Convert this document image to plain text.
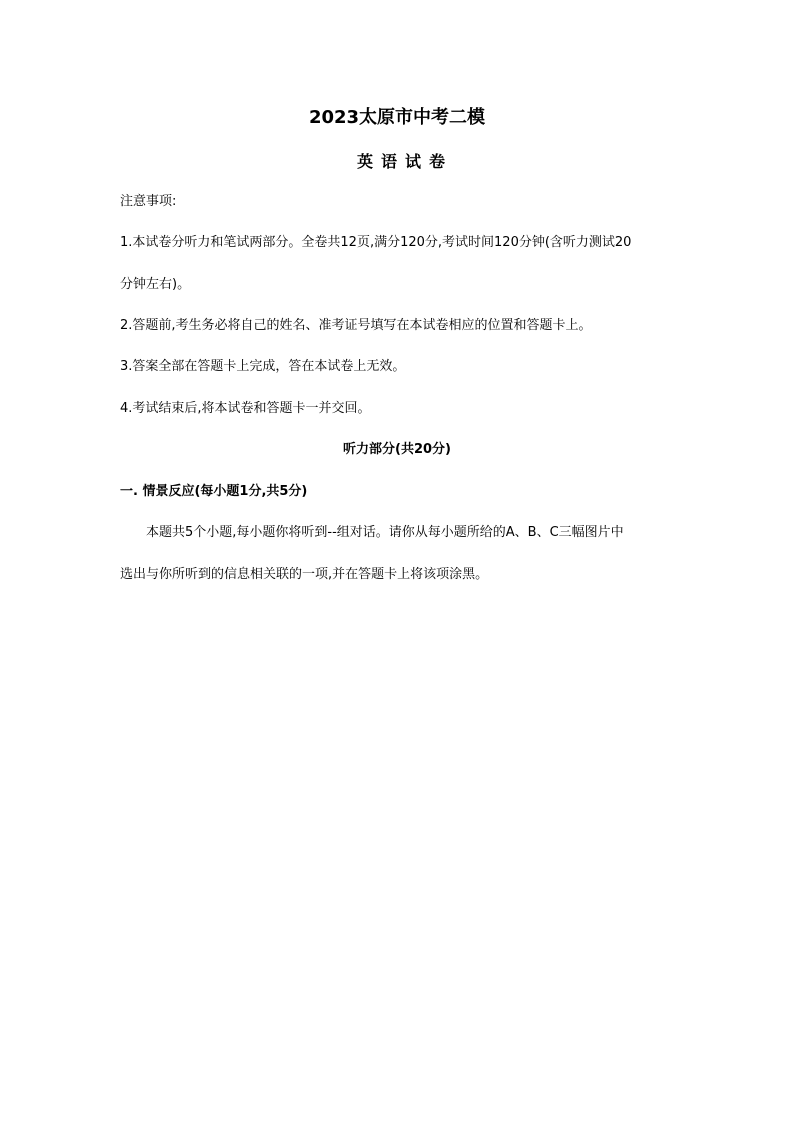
2023太原市中考二模
英语试卷
注意事项:
1.本试卷分听力和笔试两部分。全卷共12页,满分120分,考试时间120分钟(含听力测试20
分钟左右)。
2.答题前,考生务必将自己的姓名、准考证号填写在本试卷相应的位置和答题卡上。
3.答案全部在答题卡上完成，答在本试卷上无效。
4.考试结束后,将本试卷和答题卡一并交回。
听力部分(共20分)
一. 情景反应(每小题1分,共5分)
本题共5个小题,每小题你将听到--组对话。请你从每小题所给的A、B、C三幅图片中
选出与你所听到的信息相关联的一项,并在答题卡上将该项涂黑。
